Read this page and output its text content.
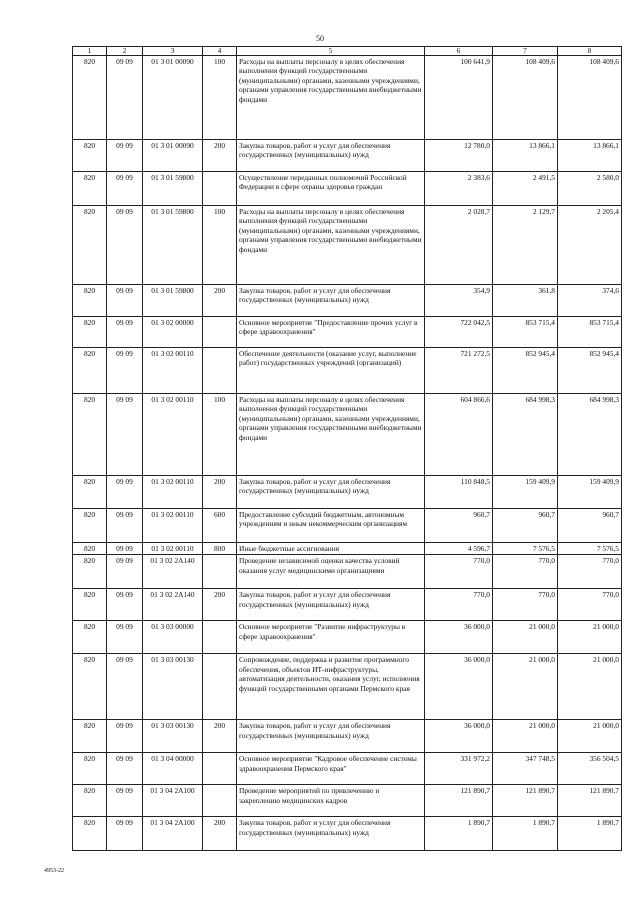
50
1	2	3	4	5	6	7	8
820	09 09	01 3 01 00090	100	Расходы на выплаты персоналу в целях обеспечения выполнения функций государственными (муниципальными) органами, казенными учреждениями, органами управления государственными внебюджетными фондами	100 641,9	108 409,6	108 409,6
820	09 09	01 3 01 00090	200	Закупка товаров, работ и услуг для обеспечения государственных (муниципальных) нужд	12 780,0	13 866,1	13 866,1
820	09 09	01 3 01 59800		Осуществление переданных полномочий Российской Федерации в сфере охраны здоровья граждан	2 383,6	2 491,5	2 580,0
820	09 09	01 3 01 59800	100	Расходы на выплаты персоналу в целях обеспечения выполнения функций государственными (муниципальными) органами, казенными учреждениями, органами управления государственными внебюджетными фондами	2 028,7	2 129,7	2 205,4
820	09 09	01 3 01 59800	200	Закупка товаров, работ и услуг для обеспечения государственных (муниципальных) нужд	354,9	361,8	374,6
820	09 09	01 3 02 00000		Основное мероприятие "Предоставление прочих услуг в сфере здравоохранения"	722 042,5	853 715,4	853 715,4
820	09 09	01 3 02 00110		Обеспечение деятельности (оказание услуг, выполнение работ) государственных учреждений (организаций)	721 272,5	852 945,4	852 945,4
820	09 09	01 3 02 00110	100	Расходы на выплаты персоналу в целях обеспечения выполнения функций государственными (муниципальными) органами, казенными учреждениями, органами управления государственными внебюджетными фондами	604 866,6	684 998,3	684 998,3
820	09 09	01 3 02 00110	200	Закупка товаров, работ и услуг для обеспечения государственных (муниципальных) нужд	110 848,5	159 409,9	159 409,9
820	09 09	01 3 02 00110	600	Предоставление субсидий бюджетным, автономным учреждениям и иным некоммерческим организациям	960,7	960,7	960,7
820	09 09	01 3 02 00110	800	Иные бюджетные ассигнования	4 596,7	7 576,5	7 576,5
820	09 09	01 3 02 2А140		Проведение независимой оценки качества условий оказания услуг медицинскими организациями	770,0	770,0	770,0
820	09 09	01 3 02 2А140	200	Закупка товаров, работ и услуг для обеспечения государственных (муниципальных) нужд	770,0	770,0	770,0
820	09 09	01 3 03 00000		Основное мероприятие "Развитие инфраструктуры в сфере здравоохранения"	36 000,0	21 000,0	21 000,0
820	09 09	01 3 03 00130		Сопровождение, поддержка и развитие программного обеспечения, объектов ИТ-инфраструктуры, автоматизация деятельности, оказания услуг, исполнения функций государственными органами Пермского края	36 000,0	21 000,0	21 000,0
820	09 09	01 3 03 00130	200	Закупка товаров, работ и услуг для обеспечения государственных (муниципальных) нужд	36 000,0	21 000,0	21 000,0
820	09 09	01 3 04 00000		Основное мероприятие "Кадровое обеспечение системы здравоохранения Пермского края"	331 972,2	347 748,5	356 504,5
820	09 09	01 3 04 2А100		Проведение мероприятий по привлечению и закреплению медицинских кадров	121 890,7	121 890,7	121 890,7
820	09 09	01 3 04 2А100	200	Закупка товаров, работ и услуг для обеспечения государственных (муниципальных) нужд	1 890,7	1 890,7	1 890,7
4953-22
